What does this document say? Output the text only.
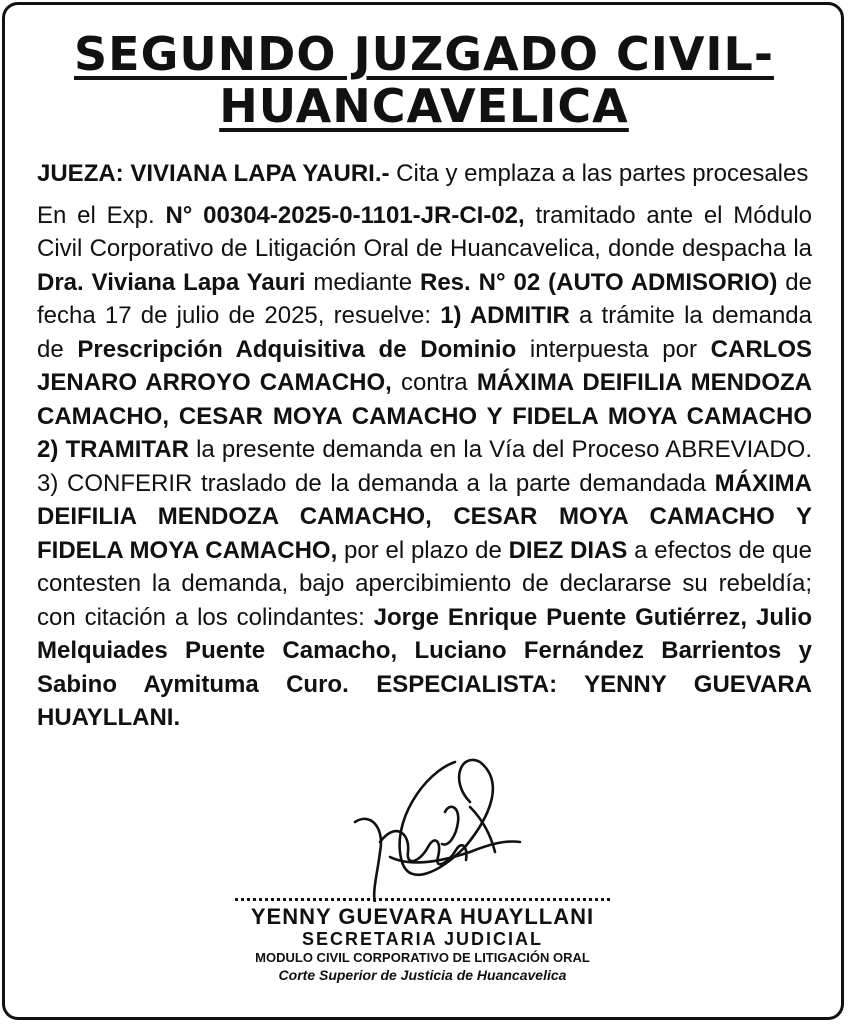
SEGUNDO JUZGADO CIVIL-
HUANCAVELICA

JUEZA: VIVIANA LAPA YAURI.- Cita y emplaza a las partes procesales

En el Exp. N° 00304-2025-0-1101-JR-CI-02, tramitado ante el Módulo Civil Corporativo de Litigación Oral de Huancavelica, donde despacha la Dra. Viviana Lapa Yauri mediante Res. N° 02 (AUTO ADMISORIO) de fecha 17 de julio de 2025, resuelve: 1) ADMITIR a trámite la demanda de Prescripción Adquisitiva de Dominio interpuesta por CARLOS JENARO ARROYO CAMACHO, contra MÁXIMA DEIFILIA MENDOZA CAMACHO, CESAR MOYA CAMACHO Y FIDELA MOYA CAMACHO 2) TRAMITAR la presente demanda en la Vía del Proceso ABREVIADO. 3) CONFERIR traslado de la demanda a la parte demandada MÁXIMA DEIFILIA MENDOZA CAMACHO, CESAR MOYA CAMACHO Y FIDELA MOYA CAMACHO, por el plazo de DIEZ DIAS a efectos de que contesten la demanda, bajo apercibimiento de declararse su rebeldía; con citación a los colindantes: Jorge Enrique Puente Gutiérrez, Julio Melquiades Puente Camacho, Luciano Fernández Barrientos y Sabino Aymituma Curo. ESPECIALISTA: YENNY GUEVARA HUAYLLANI.

YENNY GUEVARA HUAYLLANI
SECRETARIA JUDICIAL
MODULO CIVIL CORPORATIVO DE LITIGACIÓN ORAL
Corte Superior de Justicia de Huancavelica
